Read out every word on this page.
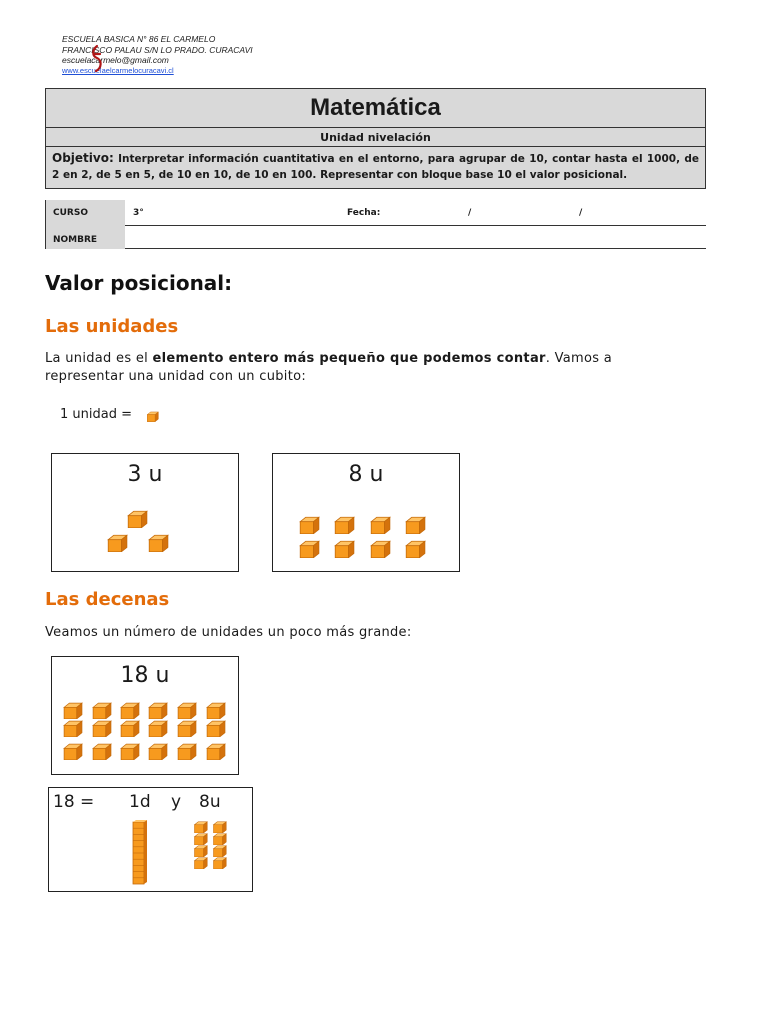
ESCUELA BASICA N° 86 EL CARMELO
FRANCISCO PALAU S/N LO PRADO. CURACAVI
escuelacarmelo@gmail.com
www.escuelaelcarmelocuracavi.cl
Matemática
Unidad nivelación
Objetivo: Interpretar información cuantitativa en el entorno, para agrupar de 10, contar hasta el 1000, de 2 en 2, de 5 en 5, de 10 en 10, de 10 en 100. Representar con bloque base 10 el valor posicional.
CURSO	3°	Fecha:	/	/
NOMBRE
Valor posicional:
Las unidades

La unidad es el elemento entero más pequeño que podemos contar. Vamos a representar una unidad con un cubito:

1 unidad =
3 u	8 u
Las decenas

Veamos un número de unidades un poco más grande:

18 u
18 = 1d y 8u
